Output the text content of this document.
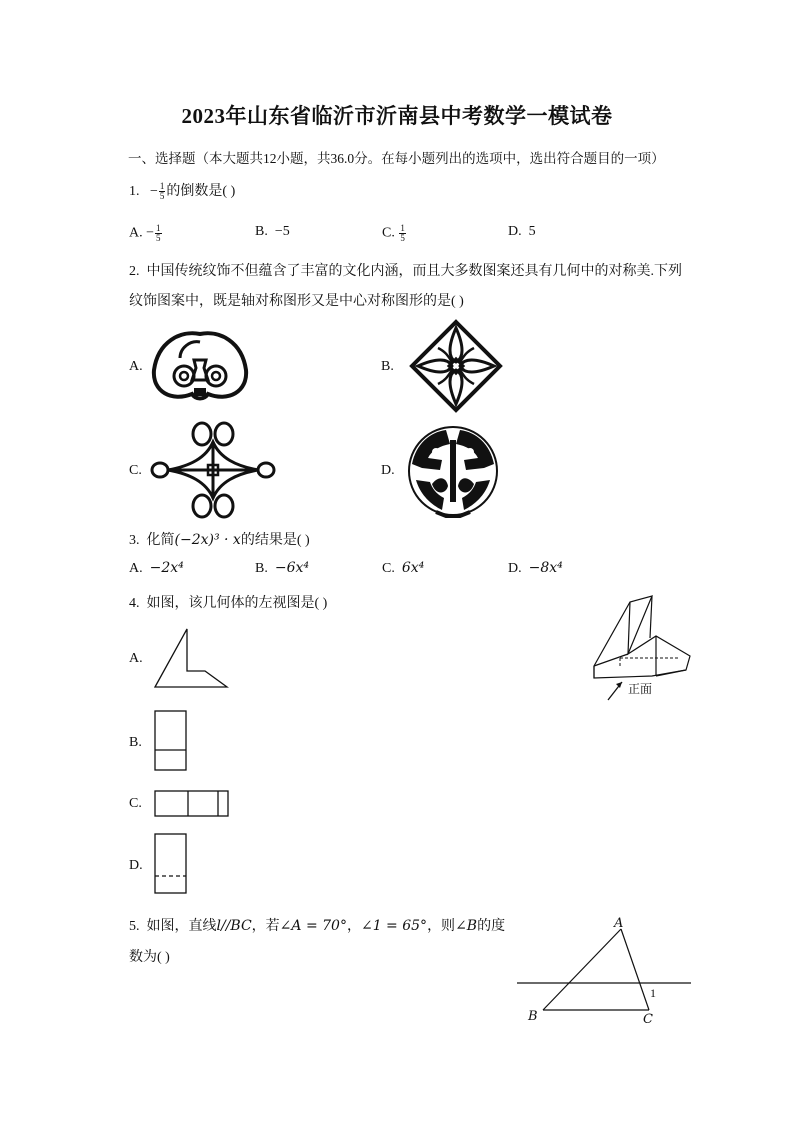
2023年山东省临沂市沂南县中考数学一模试卷
一、选择题（本大题共12小题，共36.0分。在每小题列出的选项中，选出符合题目的一项）
1. − $\frac{1}{5}$ 的倒数是( )
A. − $\frac{1}{5}$	B. −5	C. $\frac{1}{5}$	D. 5
2. 中国传统纹饰不但蕴含了丰富的文化内涵，而且大多数图案还具有几何中的对称美.下列
纹饰图案中，既是轴对称图形又是中心对称图形的是( )
A.	B.
C.	D.
3. 化简(−2x)³ · x的结果是( )
A. −2x⁴	B. −6x⁴	C. 6x⁴	D. −8x⁴
4. 如图，该几何体的左视图是( )
正面
A.
B.
C.
D.
5. 如图，直线l//BC，若∠A = 70°，∠1 = 65°，则∠B的度
数为( )
A
B	C
1
